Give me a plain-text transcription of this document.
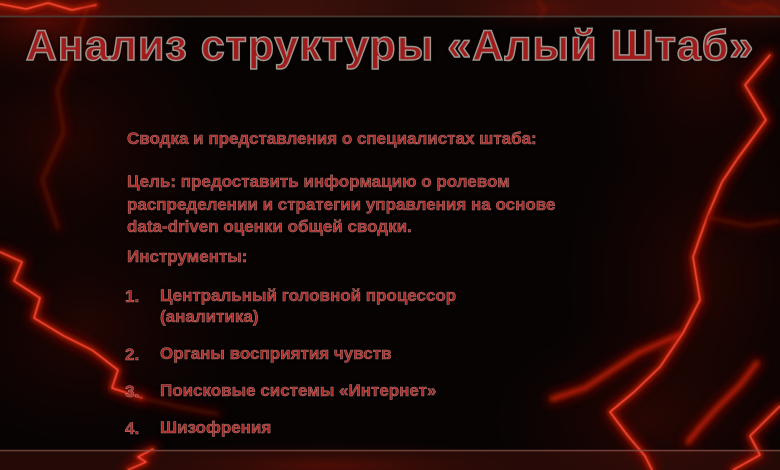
Анализ структуры «Алый Штаб»
Сводка и представления о специалистах штаба:
Цель: предоставить информацию о ролевом
распределении и стратегии управления на основе
data-driven оценки общей сводки.
Инструменты:
1. Центральный головной процессор (аналитика)
2. Органы восприятия чувств
3. Поисковые системы «Интернет»
4. Шизофрения
